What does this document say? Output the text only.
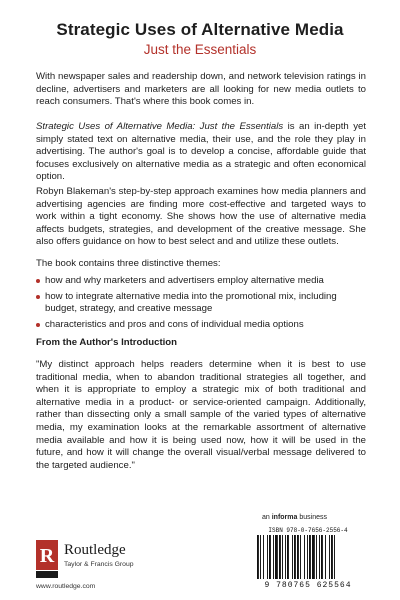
Strategic Uses of Alternative Media
Just the Essentials

With newspaper sales and readership down, and network television ratings in decline, advertisers and marketers are all looking for new media outlets to reach consumers. That's where this book comes in.

Strategic Uses of Alternative Media: Just the Essentials is an in-depth yet simply stated text on alternative media, their use, and the role they play in advertising. The author's goal is to develop a concise, affordable guide that focuses exclusively on alternative media as a strategic and often economical option.

Robyn Blakeman's step-by-step approach examines how media planners and advertising agencies are finding more cost-effective and targeted ways to work within a tight economy. She shows how the use of alternative media affects budgets, strategies, and development of the creative message. She also offers guidance on how to best select and and utilize these outlets.

The book contains three distinctive themes:

how and why marketers and advertisers employ alternative media
how to integrate alternative media into the promotional mix, including budget, strategy, and creative message
characteristics and pros and cons of individual media options
From the Author's Introduction

"My distinct approach helps readers determine when it is best to use traditional media, when to abandon traditional strategies all together, and when it is appropriate to employ a strategic mix of both traditional and alternative media in a product- or service-oriented campaign. Additionally, rather than dissecting only a small sample of the varied types of alternative media, my examination looks at the remarkable assortment of alternative media available and how it is being used now, how it will be used in the future, and how it will change the overall visual/verbal message delivered to the targeted audience."

an informa business
R Routledge
Taylor & Francis Group
www.routledge.com
ISBN 978-0-7656-2556-4
9 780765 625564
